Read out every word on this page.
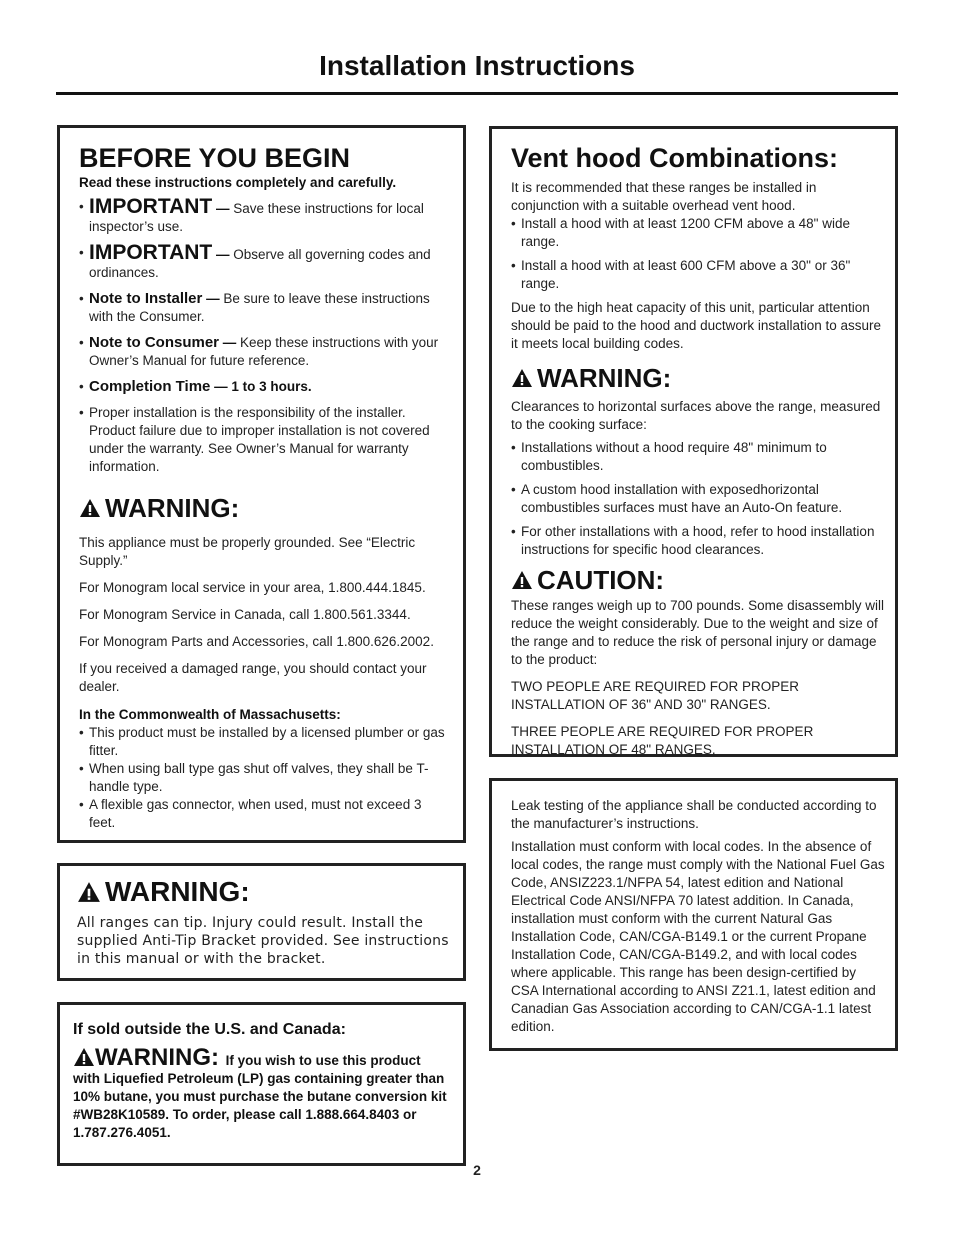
Installation Instructions
BEFORE YOU BEGIN
Read these instructions completely and carefully.
• IMPORTANT — Save these instructions for local inspector’s use.
• IMPORTANT — Observe all governing codes and ordinances.
• Note to Installer — Be sure to leave these instructions with the Consumer.
• Note to Consumer — Keep these instructions with your Owner’s Manual for future reference.
• Completion Time — 1 to 3 hours.
• Proper installation is the responsibility of the installer. Product failure due to improper installation is not covered under the warranty. See Owner’s Manual for warranty information.
WARNING:
This appliance must be properly grounded. See “Electric Supply.”
For Monogram local service in your area, 1.800.444.1845.
For Monogram Service in Canada, call 1.800.561.3344.
For Monogram Parts and Accessories, call 1.800.626.2002.
If you received a damaged range, you should contact your dealer.
In the Commonwealth of Massachusetts:
• This product must be installed by a licensed plumber or gas fitter.
• When using ball type gas shut off valves, they shall be T-handle type.
• A flexible gas connector, when used, must not exceed 3 feet.
WARNING:
All ranges can tip. Injury could result. Install the supplied Anti-Tip Bracket provided. See instructions in this manual or with the bracket.
If sold outside the U.S. and Canada:
WARNING: If you wish to use this product with Liquefied Petroleum (LP) gas containing greater than 10% butane, you must purchase the butane conversion kit #WB28K10589. To order, please call 1.888.664.8403 or 1.787.276.4051.
Vent hood Combinations:
It is recommended that these ranges be installed in conjunction with a suitable overhead vent hood.
• Install a hood with at least 1200 CFM above a 48" wide range.
• Install a hood with at least 600 CFM above a 30" or 36" range.
Due to the high heat capacity of this unit, particular attention should be paid to the hood and ductwork installation to assure it meets local building codes.
WARNING:
Clearances to horizontal surfaces above the range, measured to the cooking surface:
• Installations without a hood require 48" minimum to combustibles.
• A custom hood installation with exposedhorizontal combustibles surfaces must have an Auto-On feature.
• For other installations with a hood, refer to hood installation instructions for specific hood clearances.
CAUTION:
These ranges weigh up to 700 pounds. Some disassembly will reduce the weight considerably. Due to the weight and size of the range and to reduce the risk of personal injury or damage to the product:
TWO PEOPLE ARE REQUIRED FOR PROPER INSTALLATION OF 36" AND 30" RANGES.
THREE PEOPLE ARE REQUIRED FOR PROPER INSTALLATION OF 48" RANGES.
Leak testing of the appliance shall be conducted according to the manufacturer’s instructions.
Installation must conform with local codes. In the absence of local codes, the range must comply with the National Fuel Gas Code, ANSIZ223.1/NFPA 54, latest edition and National Electrical Code ANSI/NFPA 70 latest addition. In Canada, installation must conform with the current Natural Gas Installation Code, CAN/CGA-B149.1 or the current Propane Installation Code, CAN/CGA-B149.2, and with local codes where applicable. This range has been design-certified by CSA International according to ANSI Z21.1, latest edition and Canadian Gas Association according to CAN/CGA-1.1 latest edition.
2
